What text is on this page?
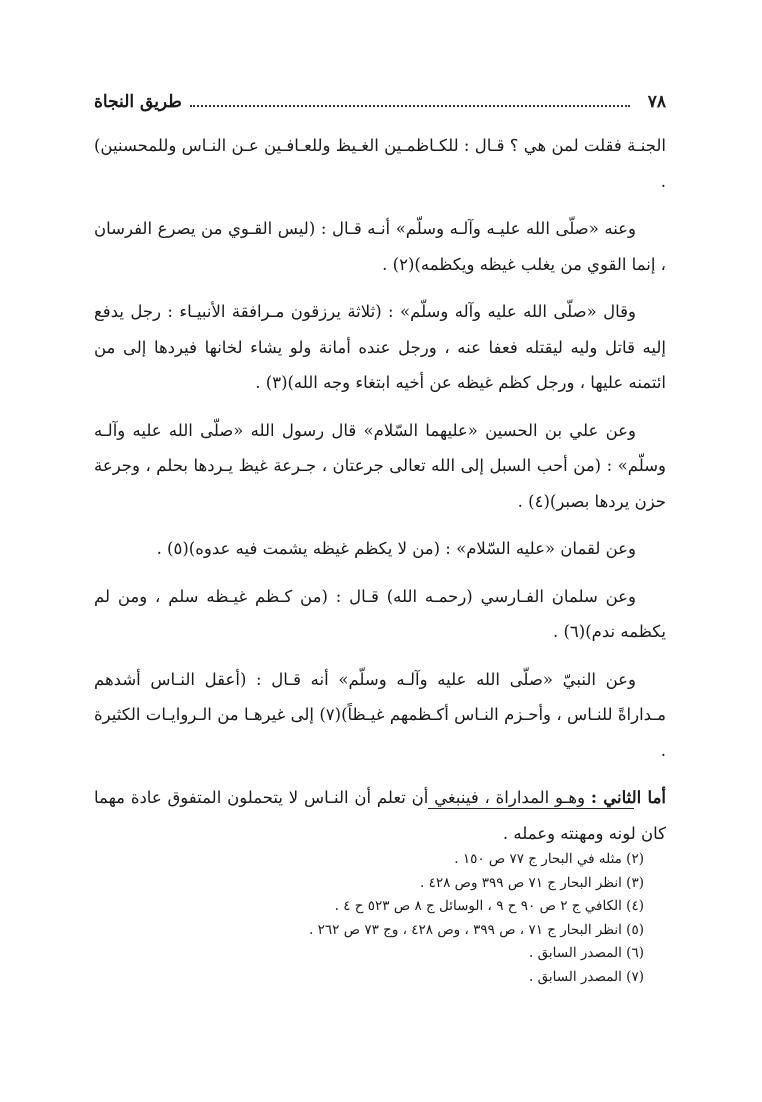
٧٨
طريق النجاة

الجنـة فقلت لمن هي ؟ قـال : للكـاظمـين الغـيظ وللعـافـين عـن النـاس وللمحسنين) .

وعنه «صلّى الله عليـه وآلـه وسلّم» أنـه قـال : (ليس القـوي من يصرع الفرسان ، إنما القوي من يغلب غيظه ويكظمه)(٢) .

وقال «صلّى الله عليه وآله وسلّم» : (ثلاثة يرزقون مـرافقة الأنبيـاء : رجل يدفع إليه قاتل وليه ليقتله فعفا عنه ، ورجل عنده أمانة ولو يشاء لخانها فيردها إلى من ائتمنه عليها ، ورجل كظم غيظه عن أخيه ابتغاء وجه الله)(٣) .

وعن علي بن الحسين «عليهما السّلام» قال رسول الله «صلّى الله عليه وآلـه وسلّم» : (من أحب السبل إلى الله تعالى جرعتان ، جـرعة غيظ يـردها بحلم ، وجرعة حزن يردها بصبر)(٤) .

وعن لقمان «عليه السّلام» : (من لا يكظم غيظه يشمت فيه عدوه)(٥) .

وعن سلمان الفـارسي (رحمـه الله) قـال : (من كـظم غيـظه سلم ، ومن لم يكظمه ندم)(٦) .

وعن النبيّ «صلّى الله عليه وآلـه وسلّم» أنه قـال : (أعقل النـاس أشدهم مـداراةً للنـاس ، وأحـزم النـاس أكـظمهم غيـظاً)(٧) إلى غيرهـا من الـروايـات الكثيرة .

أما الثاني : وهـو المداراة ، فينبغي أن تعلم أن النـاس لا يتحملون المتفوق عادة مهما كان لونه ومهنته وعمله .

(٢) مثله في البحار ج ٧٧ ص ١٥٠ .

(٣) انظر البحار ج ٧١ ص ٣٩٩ وص ٤٢٨ .

(٤) الكافي ج ٢ ص ٩٠ ح ٩ ، الوسائل ج ٨ ص ٥٢٣ ح ٤ .

(٥) انظر البحار ج ٧١ ، ص ٣٩٩ ، وص ٤٢٨ ، وج ٧٣ ص ٢٦٢ .

(٦) المصدر السابق .

(٧) المصدر السابق .
